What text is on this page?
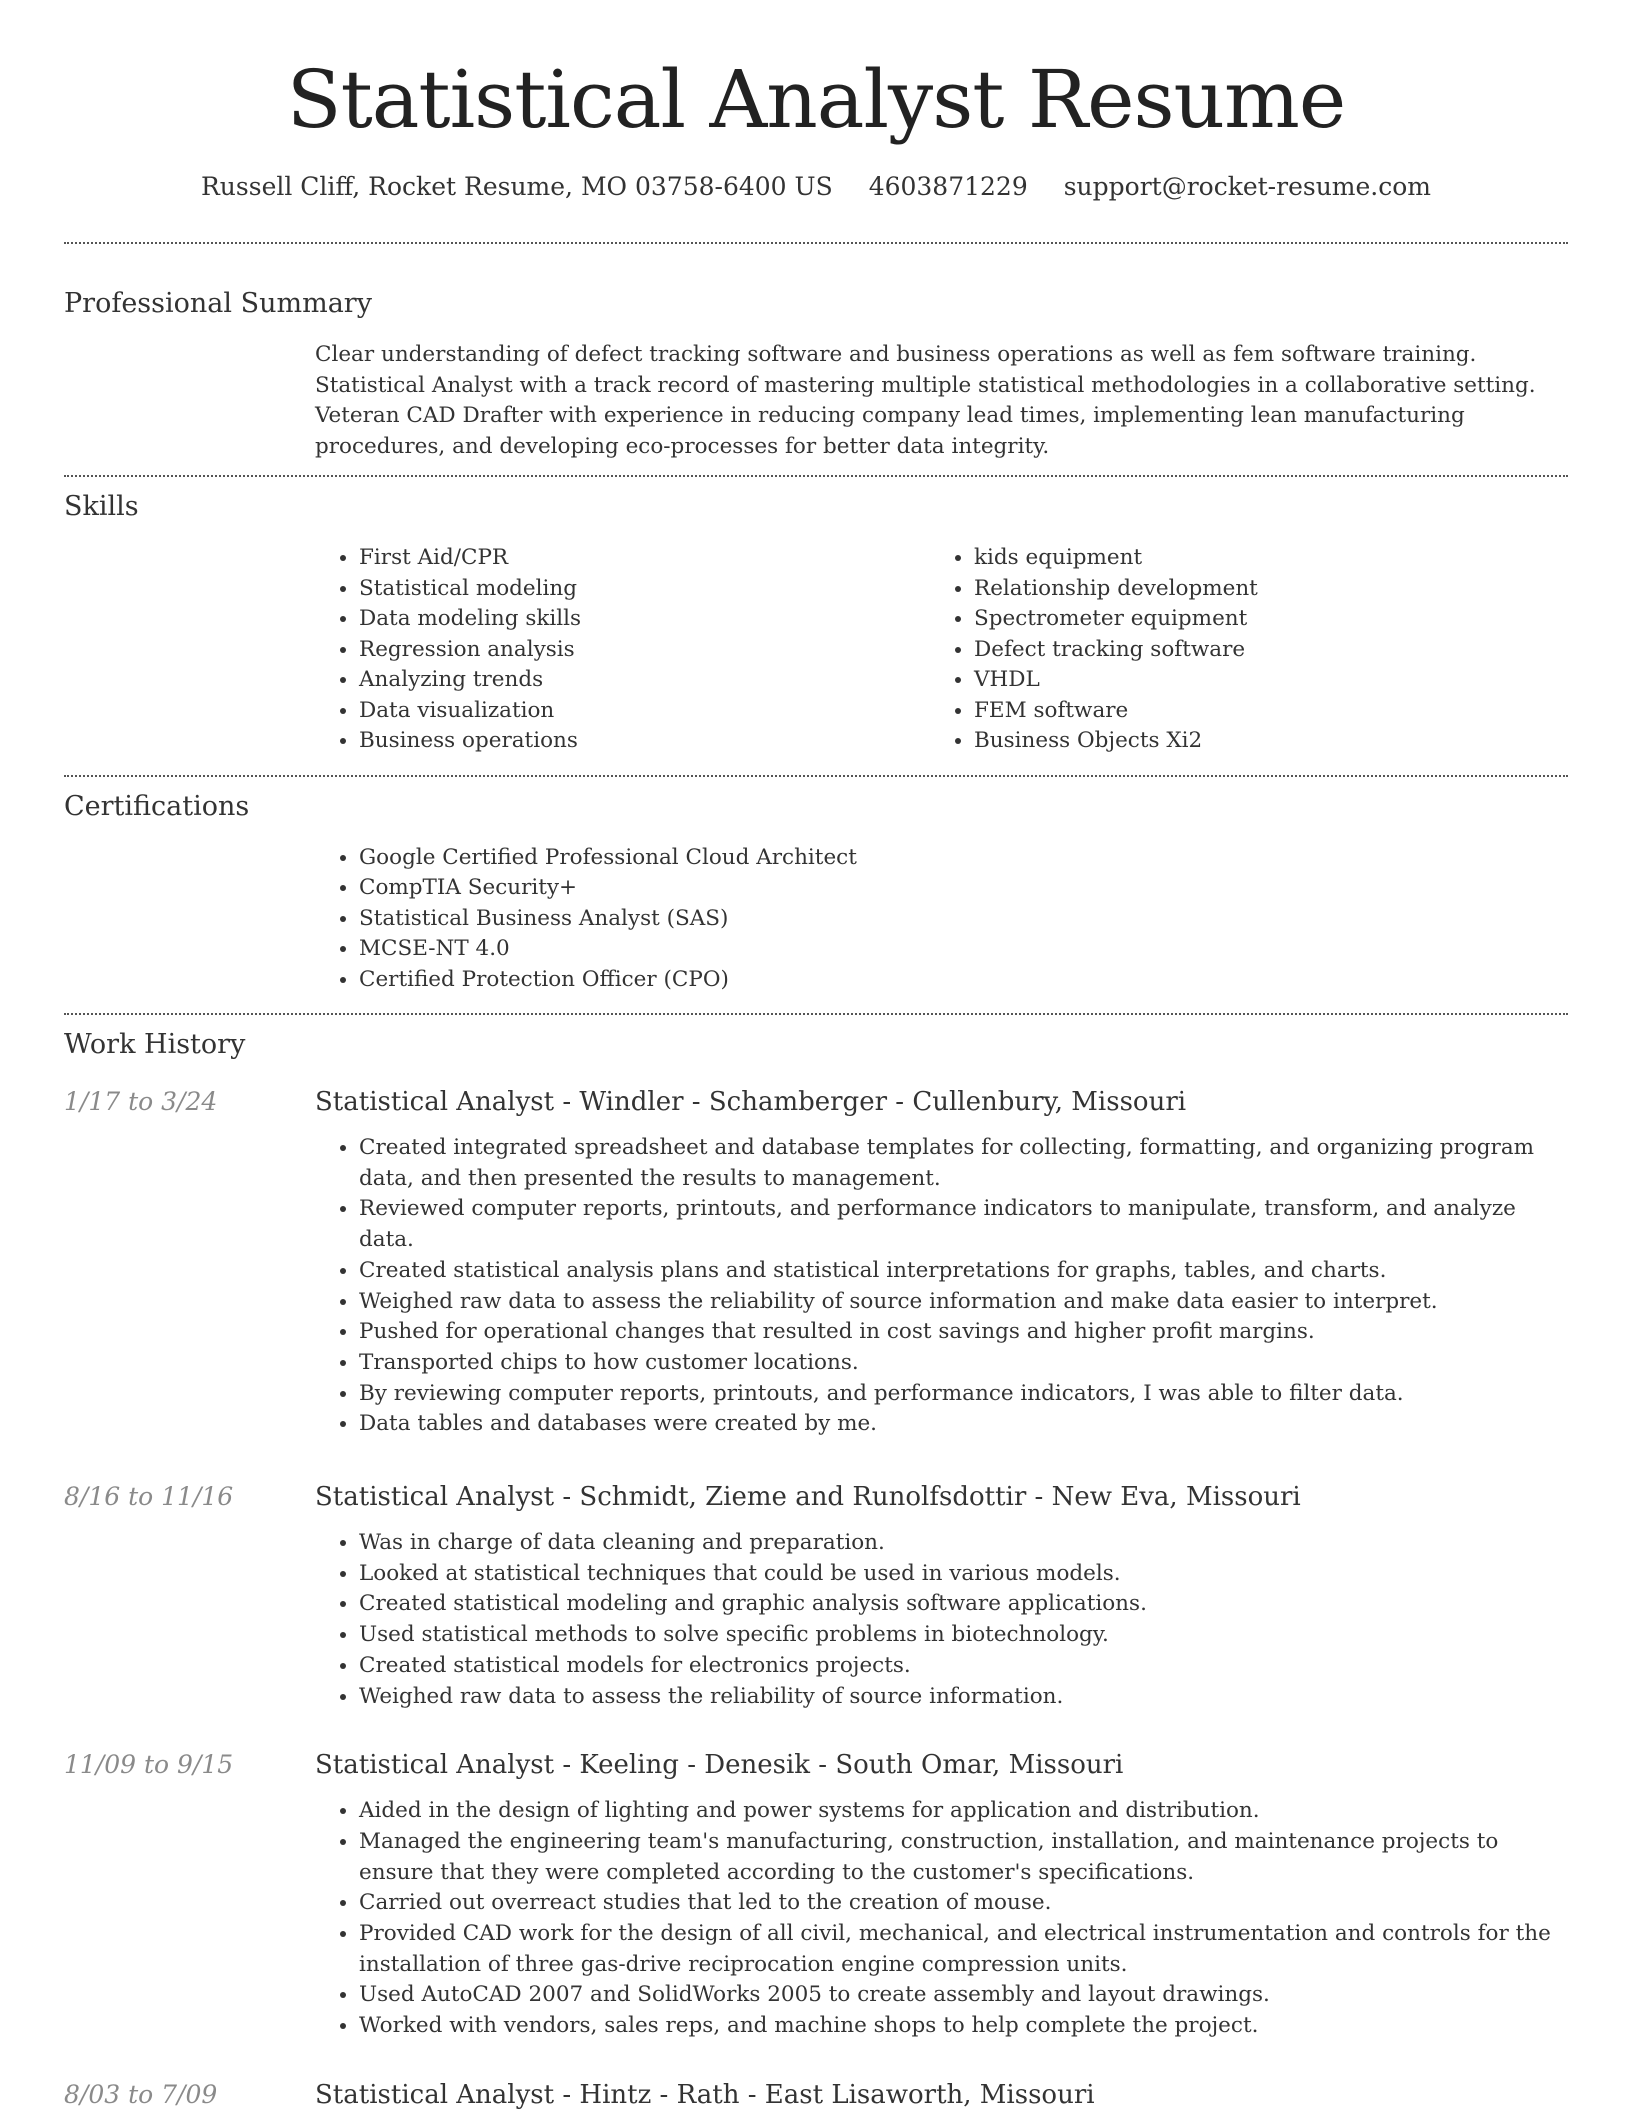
Statistical Analyst Resume
Russell Cliff, Rocket Resume, MO 03758-6400 US 4603871229 support@rocket-resume.com
Professional Summary

Clear understanding of defect tracking software and business operations as well as fem software training. Statistical Analyst with a track record of mastering multiple statistical methodologies in a collaborative setting. Veteran CAD Drafter with experience in reducing company lead times, implementing lean manufacturing procedures, and developing eco-processes for better data integrity.

Skills
• First Aid/CPR
• Statistical modeling
• Data modeling skills
• Regression analysis
• Analyzing trends
• Data visualization
• Business operations
• kids equipment
• Relationship development
• Spectrometer equipment
• Defect tracking software
• VHDL
• FEM software
• Business Objects Xi2
Certifications
• Google Certified Professional Cloud Architect
• CompTIA Security+
• Statistical Business Analyst (SAS)
• MCSE-NT 4.0
• Certified Protection Officer (CPO)
Work History
1/17 to 3/24	Statistical Analyst - Windler - Schamberger - Cullenbury, Missouri
• Created integrated spreadsheet and database templates for collecting, formatting, and organizing program data, and then presented the results to management.
• Reviewed computer reports, printouts, and performance indicators to manipulate, transform, and analyze data.
• Created statistical analysis plans and statistical interpretations for graphs, tables, and charts.
• Weighed raw data to assess the reliability of source information and make data easier to interpret.
• Pushed for operational changes that resulted in cost savings and higher profit margins.
• Transported chips to how customer locations.
• By reviewing computer reports, printouts, and performance indicators, I was able to filter data.
• Data tables and databases were created by me.
8/16 to 11/16	Statistical Analyst - Schmidt, Zieme and Runolfsdottir - New Eva, Missouri
• Was in charge of data cleaning and preparation.
• Looked at statistical techniques that could be used in various models.
• Created statistical modeling and graphic analysis software applications.
• Used statistical methods to solve specific problems in biotechnology.
• Created statistical models for electronics projects.
• Weighed raw data to assess the reliability of source information.
11/09 to 9/15	Statistical Analyst - Keeling - Denesik - South Omar, Missouri
• Aided in the design of lighting and power systems for application and distribution.
• Managed the engineering team's manufacturing, construction, installation, and maintenance projects to ensure that they were completed according to the customer's specifications.
• Carried out overreact studies that led to the creation of mouse.
• Provided CAD work for the design of all civil, mechanical, and electrical instrumentation and controls for the installation of three gas-drive reciprocation engine compression units.
• Used AutoCAD 2007 and SolidWorks 2005 to create assembly and layout drawings.
• Worked with vendors, sales reps, and machine shops to help complete the project.
8/03 to 7/09	Statistical Analyst - Hintz - Rath - East Lisaworth, Missouri
